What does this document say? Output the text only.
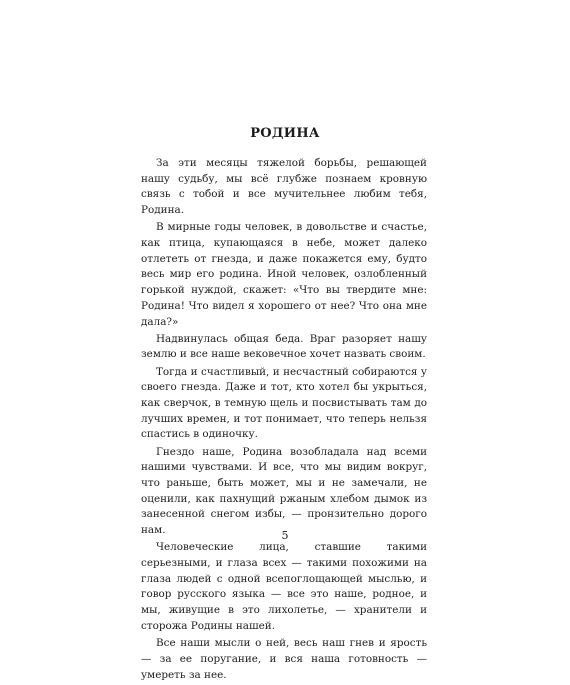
РОДИНА

За эти месяцы тяжелой борьбы, решающей нашу судьбу, мы всё глубже познаем кровную связь с тобой и все мучительнее любим тебя, Родина.

В мирные годы человек, в довольстве и счастье, как птица, купающаяся в небе, может далеко отлететь от гнезда, и даже покажется ему, будто весь мир его родина. Иной человек, озлобленный горькой нуждой, скажет: «Что вы твердите мне: Родина! Что видел я хорошего от нее? Что она мне дала?»

Надвинулась общая беда. Враг разоряет нашу землю и все наше вековечное хочет назвать своим.

Тогда и счастливый, и несчастный собираются у своего гнезда. Даже и тот, кто хотел бы укрыться, как сверчок, в темную щель и посвистывать там до лучших времен, и тот понимает, что теперь нельзя спастись в одиночку.

Гнездо наше, Родина возобладала над всеми нашими чувствами. И все, что мы видим вокруг, что раньше, быть может, мы и не замечали, не оценили, как пахнущий ржаным хлебом дымок из занесенной снегом избы, — пронзительно дорого нам.

Человеческие лица, ставшие такими серьезными, и глаза всех — такими похожими на глаза людей с одной всепоглощающей мыслью, и говор русского языка — все это наше, родное, и мы, живущие в это лихолетье, — хранители и сторожа Родины нашей.

Все наши мысли о ней, весь наш гнев и ярость — за ее поругание, и вся наша готовность — умереть за нее.

5
